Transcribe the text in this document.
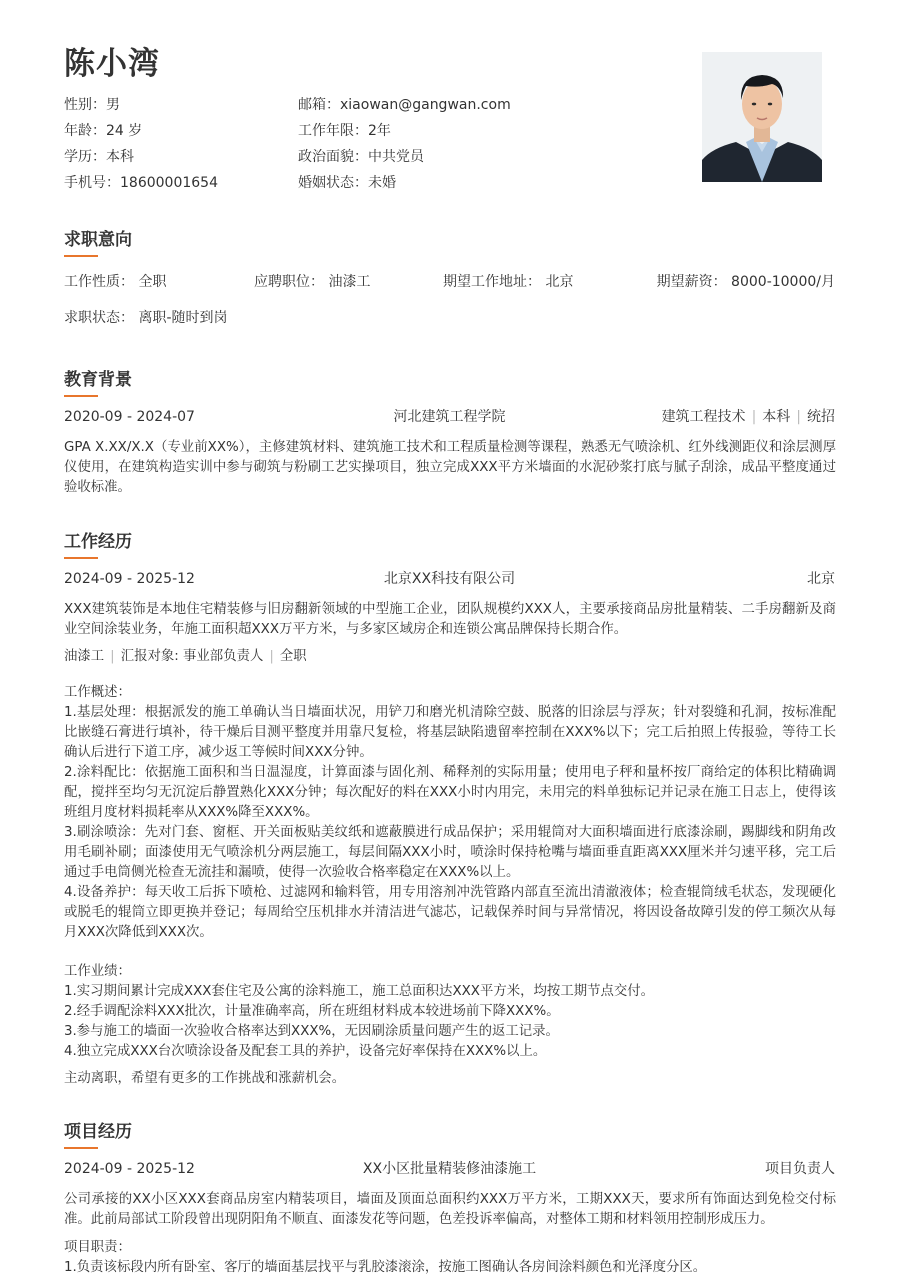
陈小湾
性别：男	邮箱：xiaowan@gangwan.com
年龄：24 岁	工作年限：2年
学历：本科	政治面貌：中共党员
手机号：18600001654	婚姻状态：未婚
求职意向
工作性质： 全职	应聘职位： 油漆工	期望工作地址： 北京	期望薪资： 8000-10000/月
求职状态： 离职-随时到岗
教育背景
2020-09 - 2024-07	河北建筑工程学院	建筑工程技术 | 本科 | 统招

GPA X.XX/X.X（专业前XX%），主修建筑材料、建筑施工技术和工程质量检测等课程，熟悉无气喷涂机、红外线测距仪和涂层测厚仪使用，在建筑构造实训中参与砌筑与粉刷工艺实操项目，独立完成XXX平方米墙面的水泥砂浆打底与腻子刮涂，成品平整度通过验收标准。

工作经历
2024-09 - 2025-12	北京XX科技有限公司	北京

XXX建筑装饰是本地住宅精装修与旧房翻新领域的中型施工企业，团队规模约XXX人，主要承接商品房批量精装、二手房翻新及商业空间涂装业务，年施工面积超XXX万平方米，与多家区域房企和连锁公寓品牌保持长期合作。

油漆工 | 汇报对象: 事业部负责人 | 全职
工作概述：
1.基层处理：根据派发的施工单确认当日墙面状况，用铲刀和磨光机清除空鼓、脱落的旧涂层与浮灰；针对裂缝和孔洞，按标准配比嵌缝石膏进行填补，待干燥后目测平整度并用靠尺复检，将基层缺陷遗留率控制在XXX%以下；完工后拍照上传报验，等待工长确认后进行下道工序，减少返工等候时间XXX分钟。
2.涂料配比：依据施工面积和当日温湿度，计算面漆与固化剂、稀释剂的实际用量；使用电子秤和量杯按厂商给定的体积比精确调配，搅拌至均匀无沉淀后静置熟化XXX分钟；每次配好的料在XXX小时内用完，未用完的料单独标记并记录在施工日志上，使得该班组月度材料损耗率从XXX%降至XXX%。
3.刷涂喷涂：先对门套、窗框、开关面板贴美纹纸和遮蔽膜进行成品保护；采用辊筒对大面积墙面进行底漆涂刷，踢脚线和阴角改用毛刷补刷；面漆使用无气喷涂机分两层施工，每层间隔XXX小时，喷涂时保持枪嘴与墙面垂直距离XXX厘米并匀速平移，完工后通过手电筒侧光检查无流挂和漏喷，使得一次验收合格率稳定在XXX%以上。
4.设备养护：每天收工后拆下喷枪、过滤网和输料管，用专用溶剂冲洗管路内部直至流出清澈液体；检查辊筒绒毛状态，发现硬化或脱毛的辊筒立即更换并登记；每周给空压机排水并清洁进气滤芯，记载保养时间与异常情况，将因设备故障引发的停工频次从每月XXX次降低到XXX次。
工作业绩：
1.实习期间累计完成XXX套住宅及公寓的涂料施工，施工总面积达XXX平方米，均按工期节点交付。
2.经手调配涂料XXX批次，计量准确率高，所在班组材料成本较进场前下降XXX%。
3.参与施工的墙面一次验收合格率达到XXX%，无因刷涂质量问题产生的返工记录。
4.独立完成XXX台次喷涂设备及配套工具的养护，设备完好率保持在XXX%以上。

主动离职，希望有更多的工作挑战和涨薪机会。

项目经历
2024-09 - 2025-12	XX小区批量精装修油漆施工	项目负责人

公司承接的XX小区XXX套商品房室内精装项目，墙面及顶面总面积约XXX万平方米，工期XXX天，要求所有饰面达到免检交付标准。此前局部试工阶段曾出现阴阳角不顺直、面漆发花等问题，色差投诉率偏高，对整体工期和材料领用控制形成压力。

项目职责：
1.负责该标段内所有卧室、客厅的墙面基层找平与乳胶漆滚涂，按施工图确认各房间涂料颜色和光泽度分区。
